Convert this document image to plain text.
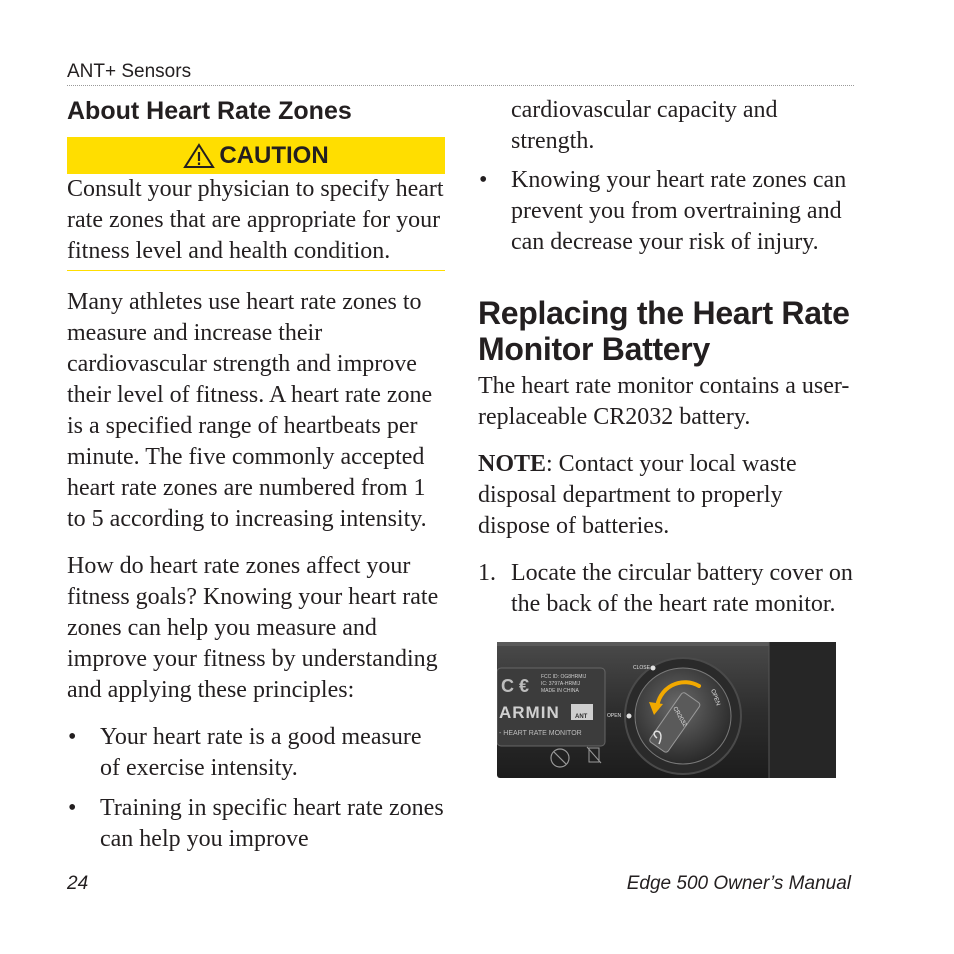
ANT+ Sensors
About Heart Rate Zones
CAUTION

Consult your physician to specify heart rate zones that are appropriate for your fitness level and health condition.

Many athletes use heart rate zones to measure and increase their cardiovascular strength and improve their level of fitness. A heart rate zone is a specified range of heartbeats per minute. The five commonly accepted heart rate zones are numbered from 1 to 5 according to increasing intensity.

How do heart rate zones affect your fitness goals? Knowing your heart rate zones can help you measure and improve your fitness by understanding and applying these principles:

• Your heart rate is a good measure of exercise intensity.
• Training in specific heart rate zones can help you improve

cardiovascular capacity and strength.

• Knowing your heart rate zones can prevent you from overtraining and can decrease your risk of injury.
Replacing the Heart Rate Monitor Battery

The heart rate monitor contains a user-replaceable CR2032 battery.

NOTE: Contact your local waste disposal department to properly dispose of batteries.

1. Locate the circular battery cover on the back of the heart rate monitor.
C € FCC ID: OG8HRMIJ
IC: 3797A-HRMIJ
MADE IN CHINA
ARMIN	ANT
- HEART RATE MONITOR
CR2032
CLOSE
OPEN
OPEN
24	Edge 500 Owner’s Manual
